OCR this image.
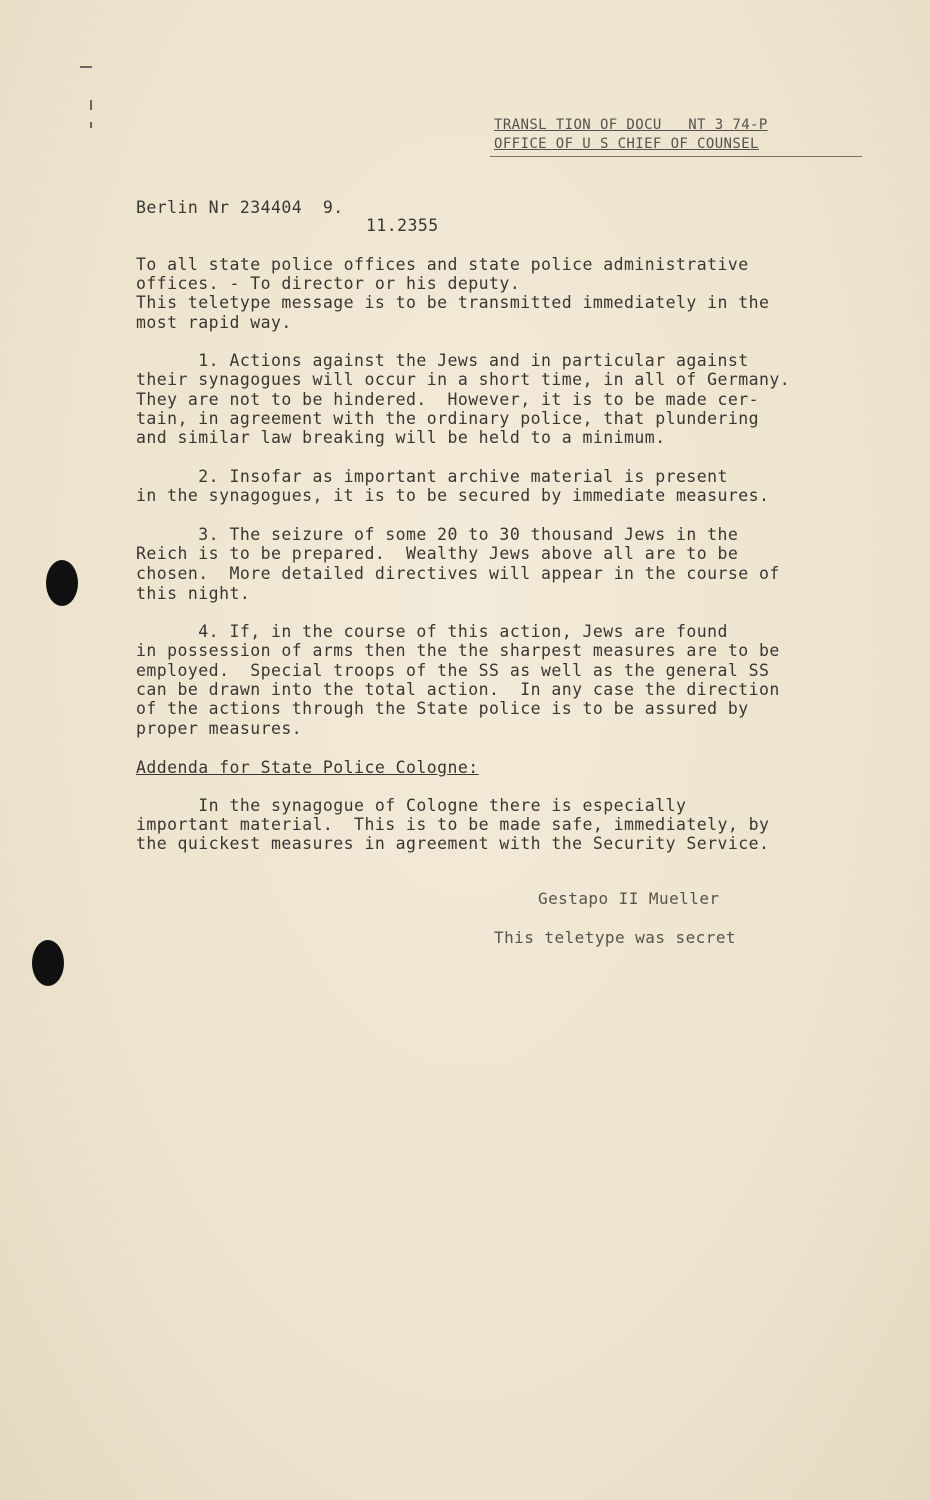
TRANSL TION OF DOCU   NT 3 74-P
OFFICE OF U S CHIEF OF COUNSEL
Berlin Nr 234404  9.
11.2355
To all state police offices and state police administrative
offices. - To director or his deputy.
This teletype message is to be transmitted immediately in the
most rapid way.
1. Actions against the Jews and in particular against
their synagogues will occur in a short time, in all of Germany.
They are not to be hindered.  However, it is to be made cer-
tain, in agreement with the ordinary police, that plundering
and similar law breaking will be held to a minimum.
2. Insofar as important archive material is present
in the synagogues, it is to be secured by immediate measures.
3. The seizure of some 20 to 30 thousand Jews in the
Reich is to be prepared.  Wealthy Jews above all are to be
chosen.  More detailed directives will appear in the course of
this night.
4. If, in the course of this action, Jews are found
in possession of arms then the the sharpest measures are to be
employed.  Special troops of the SS as well as the general SS
can be drawn into the total action.  In any case the direction
of the actions through the State police is to be assured by
proper measures.
Addenda for State Police Cologne:
In the synagogue of Cologne there is especially
important material.  This is to be made safe, immediately, by
the quickest measures in agreement with the Security Service.
Gestapo II Mueller
This teletype was secret
